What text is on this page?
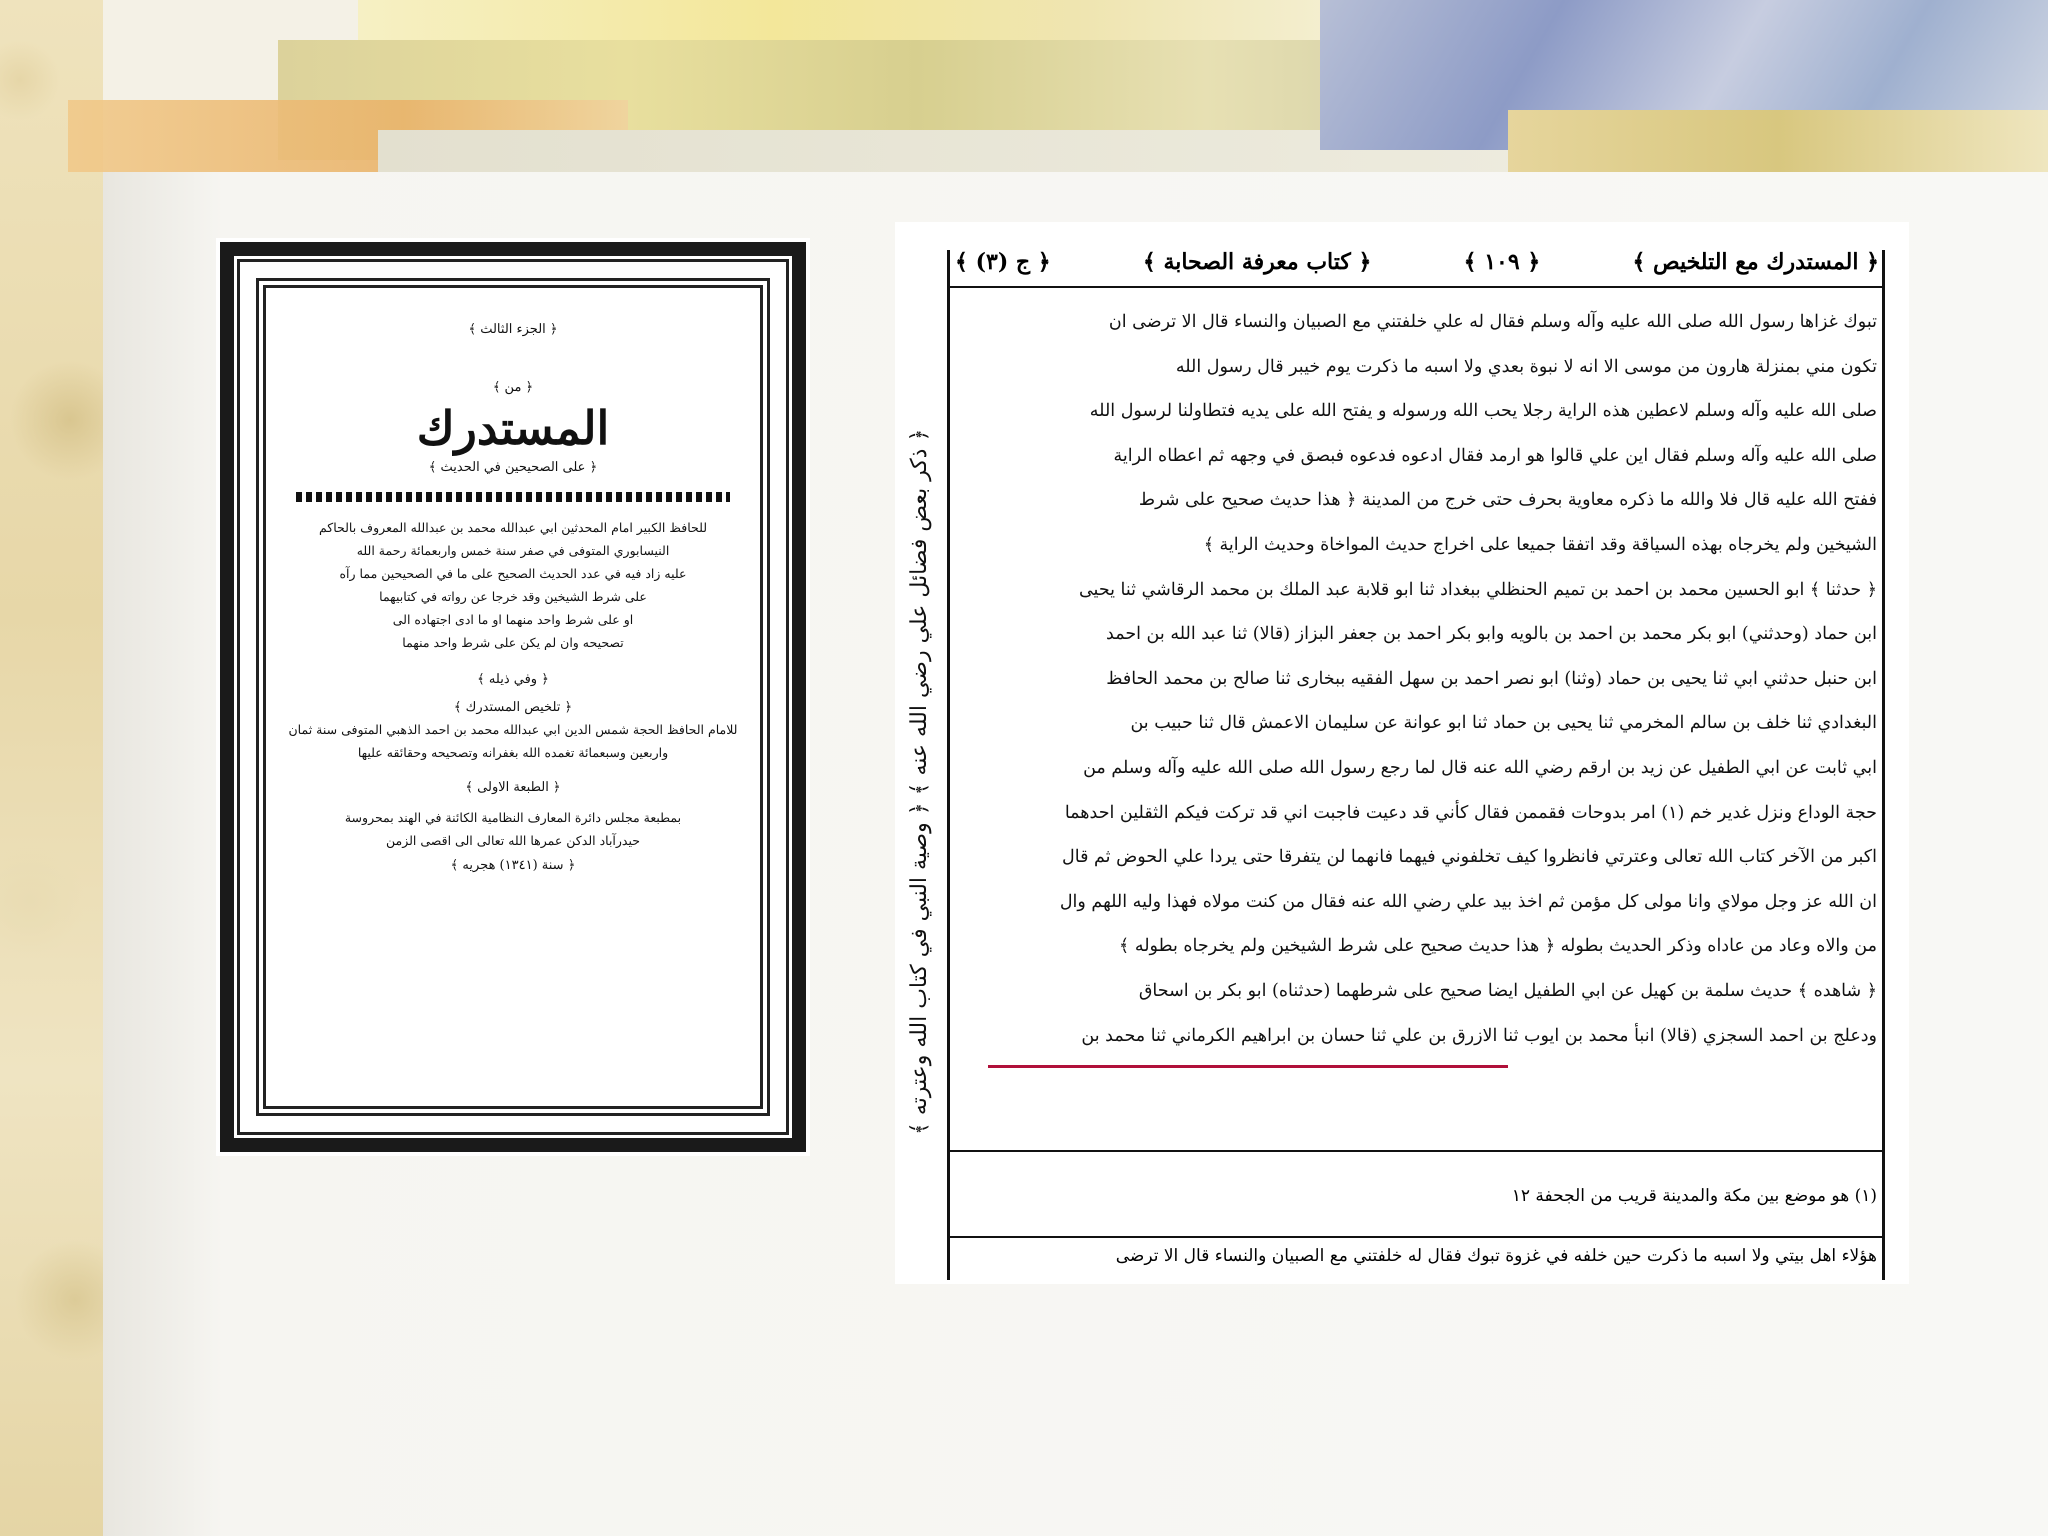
﴿ الجزء الثالث ﴾

﴿ من ﴾

المستدرك

﴿ على الصحيحين في الحديث ﴾

للحافظ الكبير امام المحدثين ابي عبدالله محمد بن عبدالله المعروف بالحاكم

النيسابوري المتوفى في صفر سنة خمس واربعمائة رحمة الله

عليه زاد فيه في عدد الحديث الصحيح على ما في الصحيحين مما رآه

على شرط الشيخين وقد خرجا عن رواته في كتابيهما

او على شرط واحد منهما او ما ادى اجتهاده الى

تصحيحه وان لم يكن على شرط واحد منهما

﴿ وفي ذيله ﴾

﴿ تلخيص المستدرك ﴾

للامام الحافظ الحجة شمس الدين ابي عبدالله محمد بن احمد الذهبي المتوفى سنة ثمان

واربعين وسبعمائة تغمده الله بغفرانه وتصحيحه وحقائقه عليها

﴿ الطبعة الاولى ﴾

بمطبعة مجلس دائرة المعارف النظامية الكائنة في الهند بمحروسة

حيدرآباد الدكن عمرها الله تعالى الى اقصى الزمن

﴿ سنة (١٣٤١) هجريه ﴾

﴿ المستدرك مع التلخيص ﴾
﴿ ١٠٩ ﴾
﴿ كتاب معرفة الصحابة ﴾
﴿ ج (٣) ﴾
﴿ ذكر بعض فضائل علي رضي الله عنه ﴾ ﴿ وصية النبي في كتاب الله وعترته ﴾

تبوك غزاها رسول الله صلى الله عليه وآله وسلم فقال له علي خلفتني مع الصبيان والنساء قال الا ترضى ان

تكون مني بمنزلة هارون من موسى الا انه لا نبوة بعدي ولا اسبه ما ذكرت يوم خيبر قال رسول الله

صلى الله عليه وآله وسلم لاعطين هذه الراية رجلا يحب الله ورسوله و يفتح الله على يديه فتطاولنا لرسول الله

صلى الله عليه وآله وسلم فقال اين علي قالوا هو ارمد فقال ادعوه فدعوه فبصق في وجهه ثم اعطاه الراية

ففتح الله عليه قال فلا والله ما ذكره معاوية بحرف حتى خرج من المدينة ﴿ هذا حديث صحيح على شرط

الشيخين ولم يخرجاه بهذه السياقة وقد اتفقا جميعا على اخراج حديث المواخاة وحديث الراية ﴾

﴿ حدثنا ﴾ ابو الحسين محمد بن احمد بن تميم الحنظلي ببغداد ثنا ابو قلابة عبد الملك بن محمد الرقاشي ثنا يحيى

ابن حماد (وحدثني) ابو بكر محمد بن احمد بن بالويه وابو بكر احمد بن جعفر البزاز (قالا) ثنا عبد الله بن احمد

ابن حنبل حدثني ابي ثنا يحيى بن حماد (وثنا) ابو نصر احمد بن سهل الفقيه ببخارى ثنا صالح بن محمد الحافظ

البغدادي ثنا خلف بن سالم المخرمي ثنا يحيى بن حماد ثنا ابو عوانة عن سليمان الاعمش قال ثنا حبيب بن

ابي ثابت عن ابي الطفيل عن زيد بن ارقم رضي الله عنه قال لما رجع رسول الله صلى الله عليه وآله وسلم من

حجة الوداع ونزل غدير خم (١) امر بدوحات فقممن فقال كأني قد دعيت فاجبت اني قد تركت فيكم الثقلين احدهما

اكبر من الآخر كتاب الله تعالى وعترتي فانظروا كيف تخلفوني فيهما فانهما لن يتفرقا حتى يردا علي الحوض ثم قال

ان الله عز وجل مولاي وانا مولى كل مؤمن ثم اخذ بيد علي رضي الله عنه فقال من كنت مولاه فهذا وليه اللهم وال

من والاه وعاد من عاداه وذكر الحديث بطوله ﴿ هذا حديث صحيح على شرط الشيخين ولم يخرجاه بطوله ﴾

﴿ شاهده ﴾ حديث سلمة بن كهيل عن ابي الطفيل ايضا صحيح على شرطهما (حدثناه) ابو بكر بن اسحاق

ودعلج بن احمد السجزي (قالا) انبأ محمد بن ايوب ثنا الازرق بن علي ثنا حسان بن ابراهيم الكرماني ثنا محمد بن

(١) هو موضع بين مكة والمدينة قريب من الجحفة ١٢
هؤلاء اهل بيتي ولا اسبه ما ذكرت حين خلفه في غزوة تبوك فقال له خلفتني مع الصبيان والنساء قال الا ترضى
